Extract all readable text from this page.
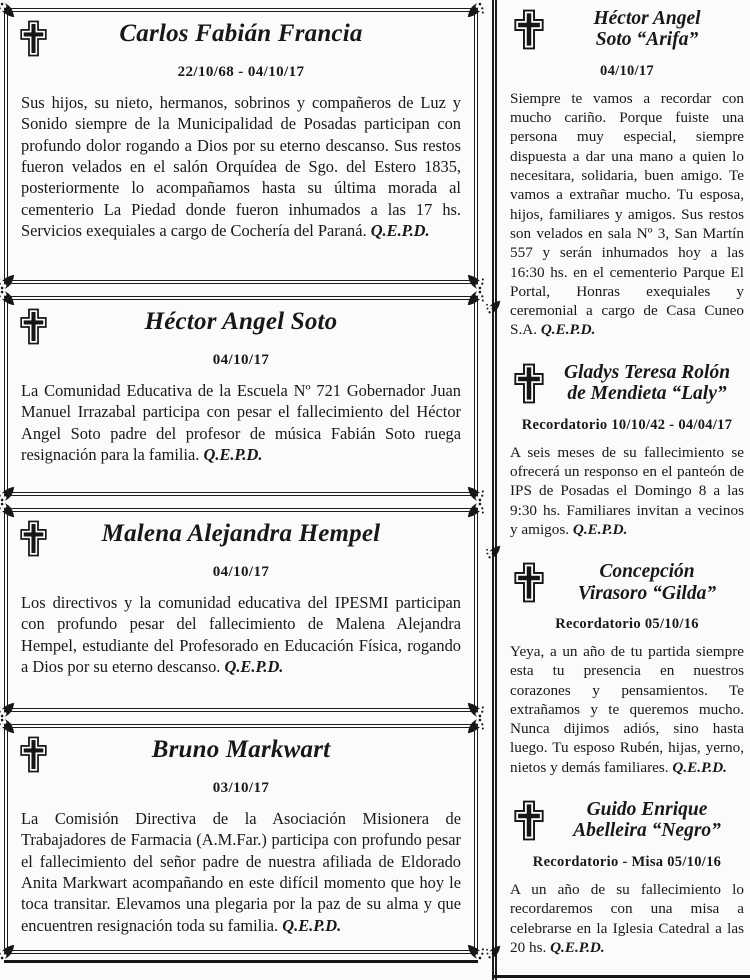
Carlos Fabián Francia
22/10/68 - 04/10/17

Sus hijos, su nieto, hermanos, sobrinos y compañeros de Luz y Sonido siempre de la Municipalidad de Posadas participan con profundo dolor rogando a Dios por su eterno descanso. Sus restos fueron velados en el salón Orquídea de Sgo. del Estero 1835, posteriormente lo acompañamos hasta su última morada al cementerio La Piedad donde fueron inhumados a las 17 hs. Servicios exequiales a cargo de Cochería del Paraná. Q.E.P.D.

Héctor Angel Soto
04/10/17

La Comunidad Educativa de la Escuela Nº 721 Gobernador Juan Manuel Irrazabal participa con pesar el fallecimiento del Héctor Angel Soto padre del profesor de música Fabián Soto ruega resignación para la familia. Q.E.P.D.

Malena Alejandra Hempel
04/10/17

Los directivos y la comunidad educativa del IPESMI participan con profundo pesar del fallecimiento de Malena Alejandra Hempel, estudiante del Profesorado en Educación Física, rogando a Dios por su eterno descanso. Q.E.P.D.

Bruno Markwart
03/10/17

La Comisión Directiva de la Asociación Misionera de Trabajadores de Farmacia (A.M.Far.) participa con profundo pesar el fallecimiento del señor padre de nuestra afiliada de Eldorado Anita Markwart acompañando en este difícil momento que hoy le toca transitar. Elevamos una plegaria por la paz de su alma y que encuentren resignación toda su familia. Q.E.P.D.

Héctor Angel
Soto “Arifa”
04/10/17

Siempre te vamos a recordar con mucho cariño. Porque fuiste una persona muy especial, siempre dispuesta a dar una mano a quien lo necesitara, solidaria, buen amigo. Te vamos a extrañar mucho. Tu esposa, hijos, familiares y amigos. Sus restos son velados en sala Nº 3, San Martín 557 y serán inhumados hoy a las 16:30 hs. en el cementerio Parque El Portal, Honras exequiales y ceremonial a cargo de Casa Cuneo S.A. Q.E.P.D.

Gladys Teresa Rolón
de Mendieta “Laly”
Recordatorio 10/10/42 - 04/04/17

A seis meses de su fallecimiento se ofrecerá un responso en el panteón de IPS de Posadas el Domingo 8 a las 9:30 hs. Familiares invitan a vecinos y amigos. Q.E.P.D.

Concepción
Virasoro “Gilda”
Recordatorio 05/10/16

Yeya, a un año de tu partida siempre esta tu presencia en nuestros corazones y pensamientos. Te extrañamos y te queremos mucho. Nunca dijimos adiós, sino hasta luego. Tu esposo Rubén, hijas, yerno, nietos y demás familiares. Q.E.P.D.

Guido Enrique
Abelleira “Negro”
Recordatorio - Misa 05/10/16

A un año de su fallecimiento lo recordaremos con una misa a celebrarse en la Iglesia Catedral a las 20 hs. Q.E.P.D.
